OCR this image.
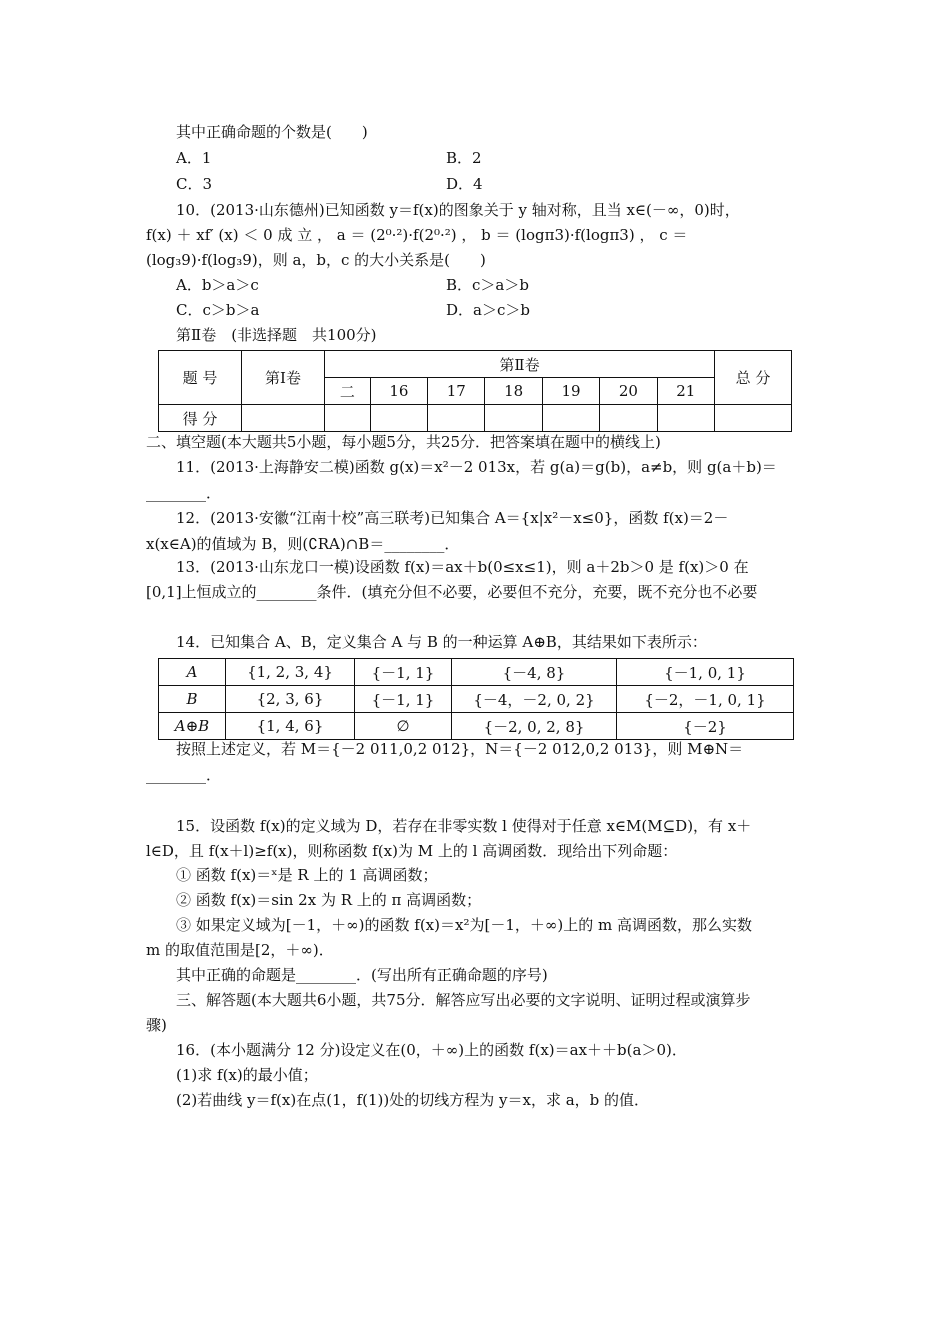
其中正确命题的个数是(　　)
A．1	B．2
C．3	D．4
10．(2013·山东德州)已知函数 y＝f(x)的图象关于 y 轴对称，且当 x∈(－∞，0)时，
f(x) ＋ xf′ (x) ＜ 0 成 立 ， a ＝ (2⁰·²)·f(2⁰·²) ， b ＝ (logπ3)·f(logπ3) ， c ＝
(log₃9)·f(log₃9)，则 a，b，c 的大小关系是(　　)
A．b＞a＞c	B．c＞a＞b
C．c＞b＞a	D．a＞c＞b
第Ⅱ卷　(非选择题　共100分)
题 号	第Ⅰ卷	第Ⅱ卷							总 分
		二	16	17	18	19	20	21	
得 分									
二、填空题(本大题共5小题，每小题5分，共25分．把答案填在题中的横线上)
11．(2013·上海静安二模)函数 g(x)＝x²－2 013x，若 g(a)＝g(b)，a≠b，则 g(a＋b)＝
________．
12．(2013·安徽“江南十校”高三联考)已知集合 A＝{x|x²－x≤0}，函数 f(x)＝2－
x(x∈A)的值域为 B，则(∁RA)∩B＝________．
13．(2013·山东龙口一模)设函数 f(x)＝ax＋b(0≤x≤1)，则 a＋2b＞0 是 f(x)＞0 在
[0,1]上恒成立的________条件．(填充分但不必要，必要但不充分，充要，既不充分也不必要
14．已知集合 A、B，定义集合 A 与 B 的一种运算 A⊕B，其结果如下表所示：
A	{1, 2, 3, 4}	{－1, 1}	{－4, 8}	{－1, 0, 1}
B	{2, 3, 6}	{－1, 1}	{－4，－2, 0, 2}	{－2，－1, 0, 1}
A⊕B	{1, 4, 6}	∅	{－2, 0, 2, 8}	{－2}
按照上述定义，若 M＝{－2 011,0,2 012}，N＝{－2 012,0,2 013}，则 M⊕N＝
________．
15．设函数 f(x)的定义域为 D，若存在非零实数 l 使得对于任意 x∈M(M⊆D)，有 x＋
l∈D，且 f(x＋l)≥f(x)，则称函数 f(x)为 M 上的 l 高调函数．现给出下列命题：
① 函数 f(x)＝ˣ是 R 上的 1 高调函数；
② 函数 f(x)＝sin 2x 为 R 上的 π 高调函数；
③ 如果定义域为[－1，＋∞)的函数 f(x)＝x²为[－1，＋∞)上的 m 高调函数，那么实数
m 的取值范围是[2，＋∞)．
其中正确的命题是________．(写出所有正确命题的序号)
三、解答题(本大题共6小题，共75分．解答应写出必要的文字说明、证明过程或演算步
骤)
16．(本小题满分 12 分)设定义在(0，＋∞)上的函数 f(x)＝ax＋＋b(a＞0)．
(1)求 f(x)的最小值；
(2)若曲线 y＝f(x)在点(1，f(1))处的切线方程为 y＝x，求 a，b 的值．
